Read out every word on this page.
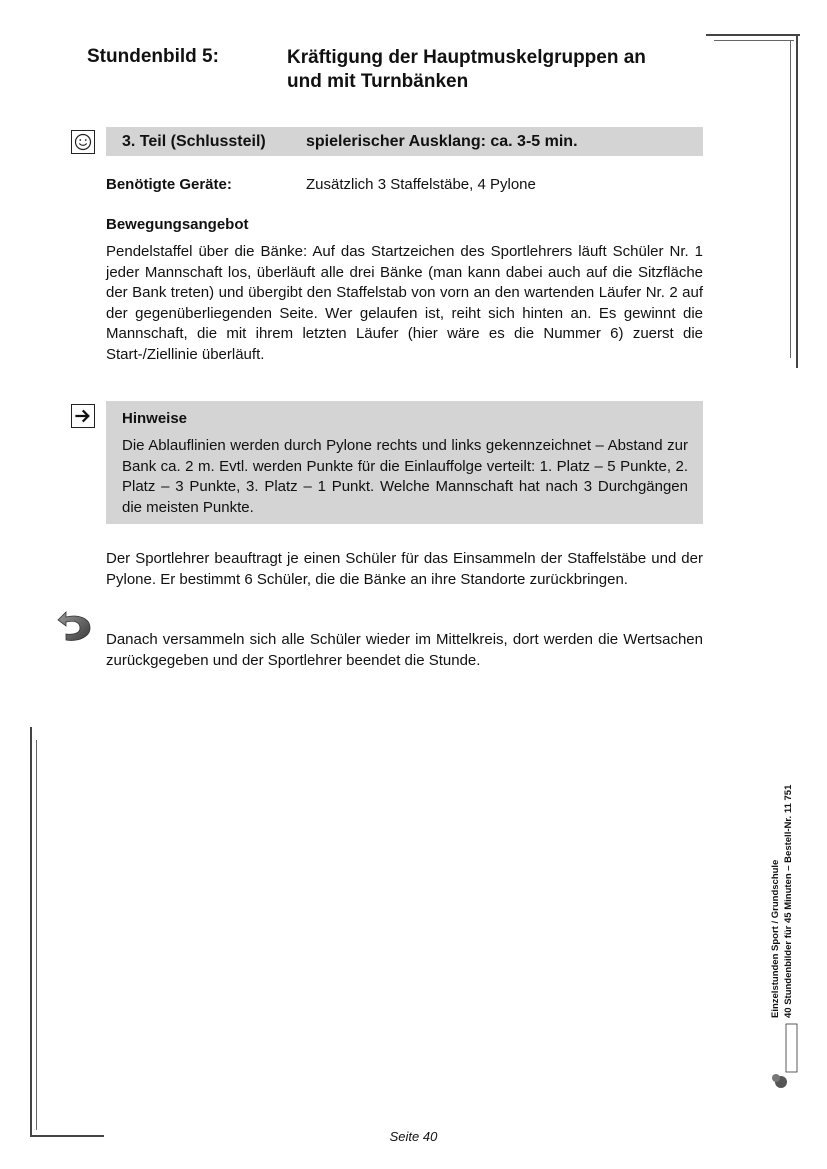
Stundenbild 5:	Kräftigung der Hauptmuskelgruppen an
und mit Turnbänken
3. Teil (Schlussteil)	spielerischer Ausklang: ca. 3-5 min.
Benötigte Geräte:	Zusätzlich 3 Staffelstäbe, 4 Pylone
Bewegungsangebot

Pendelstaffel über die Bänke: Auf das Startzeichen des Sportlehrers läuft Schüler Nr. 1 jeder Mannschaft los, überläuft alle drei Bänke (man kann dabei auch auf die Sitzfläche der Bank treten) und übergibt den Staffelstab von vorn an den wartenden Läufer Nr. 2 auf der gegenüberliegenden Seite. Wer gelaufen ist, reiht sich hinten an. Es gewinnt die Mannschaft, die mit ihrem letzten Läufer (hier wäre es die Nummer 6) zuerst die Start-/Ziellinie überläuft.

Hinweise

Die Ablauflinien werden durch Pylone rechts und links gekennzeichnet – Abstand zur Bank ca. 2 m. Evtl. werden Punkte für die Einlauffolge verteilt: 1. Platz – 5 Punkte, 2. Platz – 3 Punkte, 3. Platz – 1 Punkt. Welche Mannschaft hat nach 3 Durchgängen die meisten Punkte.

Der Sportlehrer beauftragt je einen Schüler für das Einsammeln der Staffelstäbe und der Pylone. Er bestimmt 6 Schüler, die die Bänke an ihre Standorte zurückbringen.

Danach versammeln sich alle Schüler wieder im Mittelkreis, dort werden die Wertsachen zurückgegeben und der Sportlehrer beendet die Stunde.

Einzelstunden Sport / Grundschule 40 Stundenbilder für 45 Minuten – Bestell-Nr. 11 751
Seite 40
